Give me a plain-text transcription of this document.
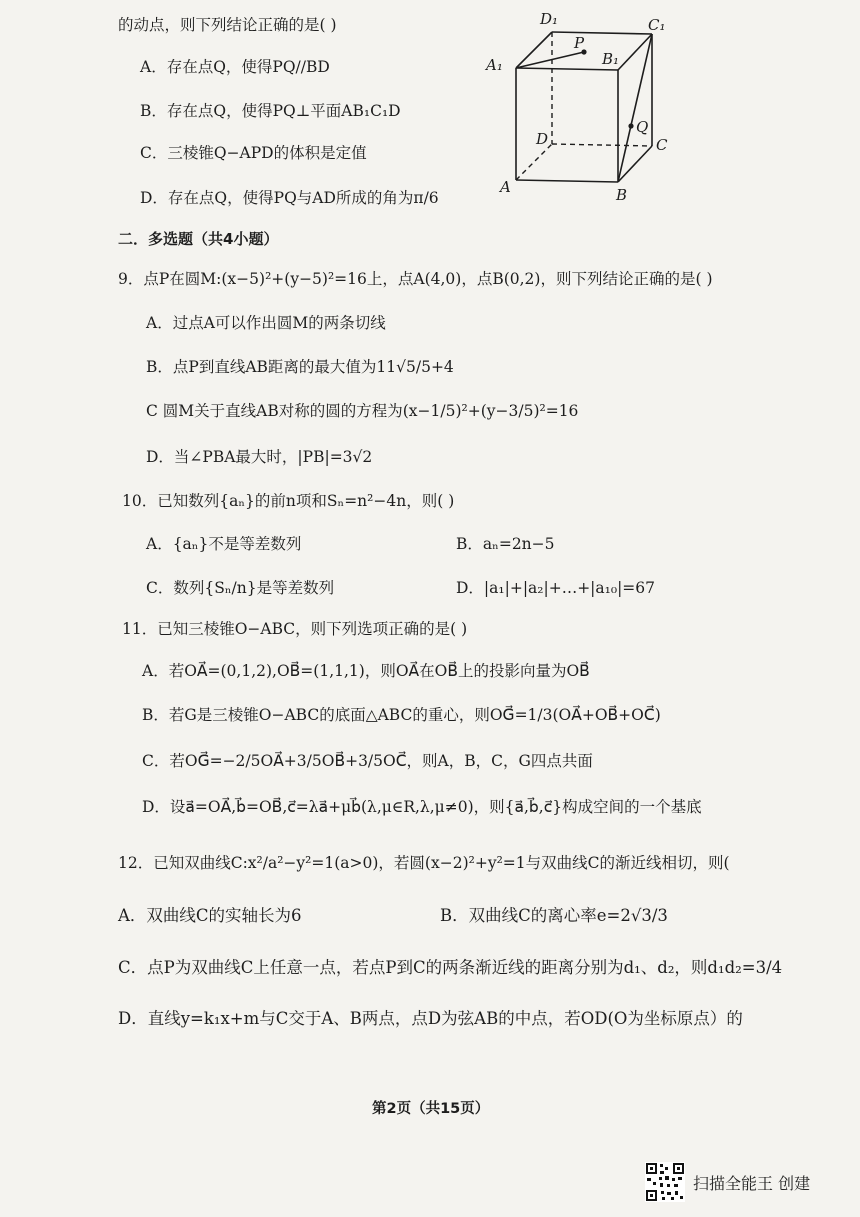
的动点，则下列结论正确的是( )
A．存在点Q，使得PQ//BD
B．存在点Q，使得PQ⊥平面AB₁C₁D
C．三棱锥Q−APD的体积是定值
D．存在点Q，使得PQ与AD所成的角为π/6
D₁	C₁
A₁	B₁
P
Q
D	C
A	B
二．多选题（共4小题）
9．点P在圆M:(x−5)²+(y−5)²=16上，点A(4,0)，点B(0,2)，则下列结论正确的是( )
A．过点A可以作出圆M的两条切线
B．点P到直线AB距离的最大值为11√5/5+4
C 圆M关于直线AB对称的圆的方程为(x−1/5)²+(y−3/5)²=16
D．当∠PBA最大时，|PB|=3√2
10．已知数列{aₙ}的前n项和Sₙ=n²−4n，则( )
A．{aₙ}不是等差数列	B．aₙ=2n−5
C．数列{Sₙ/n}是等差数列	D．|a₁|+|a₂|+…+|a₁₀|=67
11．已知三棱锥O−ABC，则下列选项正确的是( )
A．若OA⃗=(0,1,2),OB⃗=(1,1,1)，则OA⃗在OB⃗上的投影向量为OB⃗
B．若G是三棱锥O−ABC的底面△ABC的重心，则OG⃗=1/3(OA⃗+OB⃗+OC⃗)
C．若OG⃗=−2/5OA⃗+3/5OB⃗+3/5OC⃗，则A，B，C，G四点共面
D．设a⃗=OA⃗,b⃗=OB⃗,c⃗=λa⃗+μb⃗(λ,μ∈R,λ,μ≠0)，则{a⃗,b⃗,c⃗}构成空间的一个基底
12．已知双曲线C:x²/a²−y²=1(a>0)，若圆(x−2)²+y²=1与双曲线C的渐近线相切，则(
A．双曲线C的实轴长为6	B．双曲线C的离心率e=2√3/3
C．点P为双曲线C上任意一点，若点P到C的两条渐近线的距离分别为d₁、d₂，则d₁d₂=3/4
D．直线y=k₁x+m与C交于A、B两点，点D为弦AB的中点，若OD(O为坐标原点）的
第2页（共15页）
扫描全能王 创建
